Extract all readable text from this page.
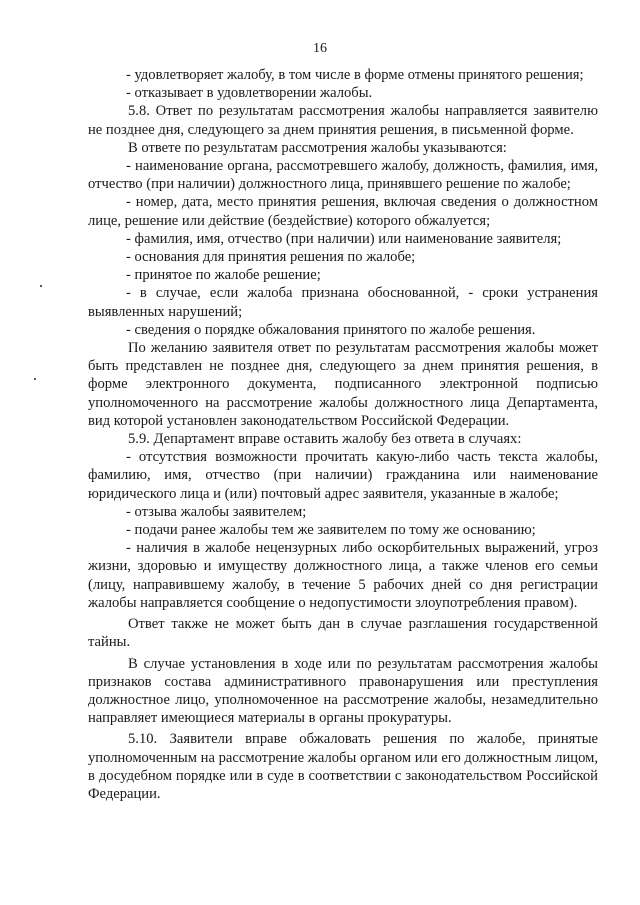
16

- удовлетворяет жалобу, в том числе в форме отмены принятого решения;

- отказывает в удовлетворении жалобы.

5.8. Ответ по результатам рассмотрения жалобы направляется заявителю не позднее дня, следующего за днем принятия решения, в письменной форме.

В ответе по результатам рассмотрения жалобы указываются:

- наименование органа, рассмотревшего жалобу, должность, фамилия, имя, отчество (при наличии) должностного лица, принявшего решение по жалобе;

- номер, дата, место принятия решения, включая сведения о должностном лице, решение или действие (бездействие) которого обжалуется;

- фамилия, имя, отчество (при наличии) или наименование заявителя;

- основания для принятия решения по жалобе;

- принятое по жалобе решение;

- в случае, если жалоба признана обоснованной, - сроки устранения выявленных нарушений;

- сведения о порядке обжалования принятого по жалобе решения.

По желанию заявителя ответ по результатам рассмотрения жалобы может быть представлен не позднее дня, следующего за днем принятия решения, в форме электронного документа, подписанного электронной подписью уполномоченного на рассмотрение жалобы должностного лица Департамента, вид которой установлен законодательством Российской Федерации.

5.9. Департамент вправе оставить жалобу без ответа в случаях:

- отсутствия возможности прочитать какую-либо часть текста жалобы, фамилию, имя, отчество (при наличии) гражданина или наименование юридического лица и (или) почтовый адрес заявителя, указанные в жалобе;

- отзыва жалобы заявителем;

- подачи ранее жалобы тем же заявителем по тому же основанию;

- наличия в жалобе нецензурных либо оскорбительных выражений, угроз жизни, здоровью и имуществу должностного лица, а также членов его семьи (лицу, направившему жалобу, в течение 5 рабочих дней со дня регистрации жалобы направляется сообщение о недопустимости злоупотребления правом).

Ответ также не может быть дан в случае разглашения государственной тайны.

В случае установления в ходе или по результатам рассмотрения жалобы признаков состава административного правонарушения или преступления должностное лицо, уполномоченное на рассмотрение жалобы, незамедлительно направляет имеющиеся материалы в органы прокуратуры.

5.10. Заявители вправе обжаловать решения по жалобе, принятые уполномоченным на рассмотрение жалобы органом или его должностным лицом, в досудебном порядке или в суде в соответствии с законодательством Российской Федерации.
